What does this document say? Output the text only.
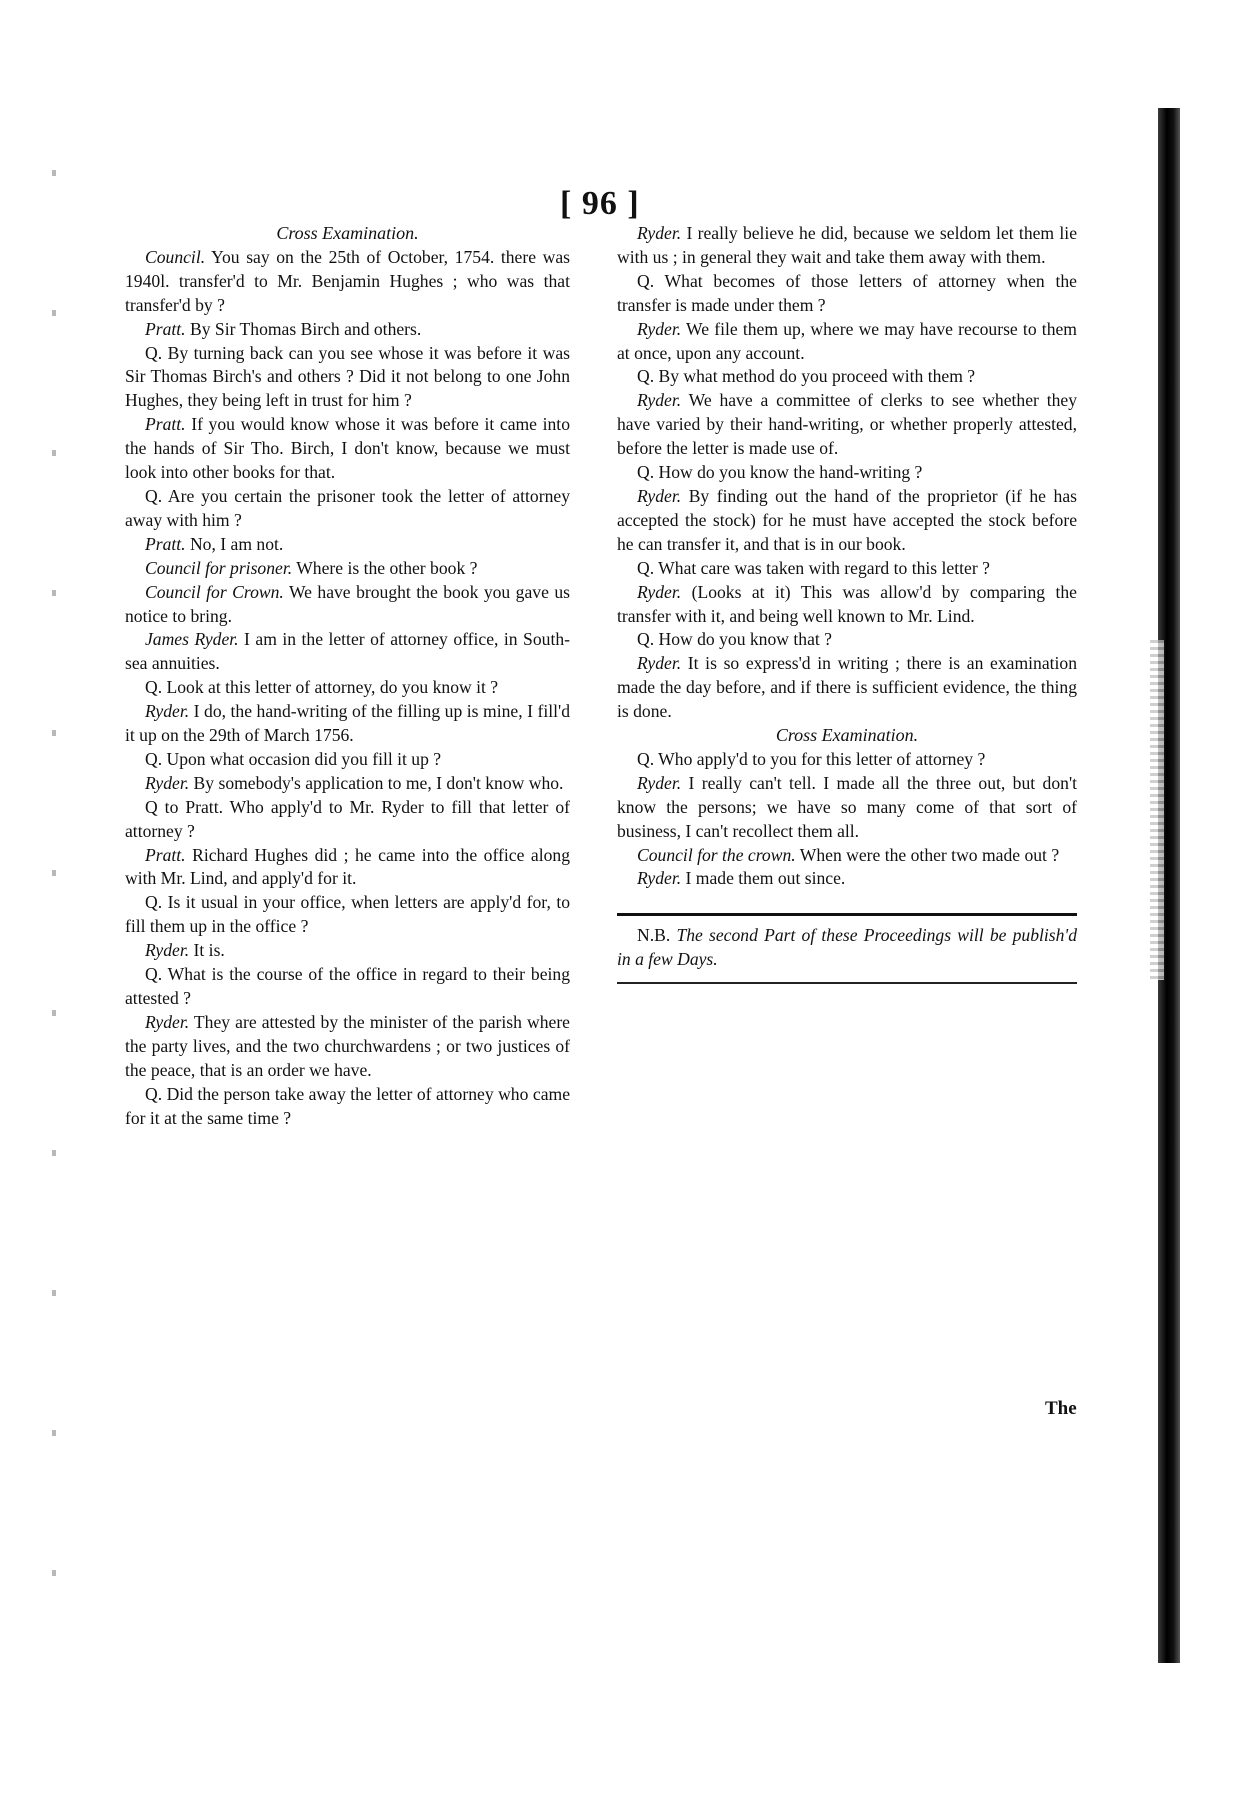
[ 96 ]

Cross Examination.

Council. You say on the 25th of October, 1754. there was 1940l. transfer'd to Mr. Benjamin Hughes ; who was that transfer'd by ?

Pratt. By Sir Thomas Birch and others.

Q. By turning back can you see whose it was before it was Sir Thomas Birch's and others ? Did it not belong to one John Hughes, they being left in trust for him ?

Pratt. If you would know whose it was before it came into the hands of Sir Tho. Birch, I don't know, because we must look into other books for that.

Q. Are you certain the prisoner took the letter of attorney away with him ?

Pratt. No, I am not.

Council for prisoner. Where is the other book ?

Council for Crown. We have brought the book you gave us notice to bring.

James Ryder. I am in the letter of attorney office, in South-sea annuities.

Q. Look at this letter of attorney, do you know it ?

Ryder. I do, the hand-writing of the filling up is mine, I fill'd it up on the 29th of March 1756.

Q. Upon what occasion did you fill it up ?

Ryder. By somebody's application to me, I don't know who.

Q to Pratt. Who apply'd to Mr. Ryder to fill that letter of attorney ?

Pratt. Richard Hughes did ; he came into the office along with Mr. Lind, and apply'd for it.

Q. Is it usual in your office, when letters are apply'd for, to fill them up in the office ?

Ryder. It is.

Q. What is the course of the office in regard to their being attested ?

Ryder. They are attested by the minister of the parish where the party lives, and the two churchwardens ; or two justices of the peace, that is an order we have.

Q. Did the person take away the letter of attorney who came for it at the same time ?

Ryder. I really believe he did, because we seldom let them lie with us ; in general they wait and take them away with them.

Q. What becomes of those letters of attorney when the transfer is made under them ?

Ryder. We file them up, where we may have recourse to them at once, upon any account.

Q. By what method do you proceed with them ?

Ryder. We have a committee of clerks to see whether they have varied by their hand-writing, or whether properly attested, before the letter is made use of.

Q. How do you know the hand-writing ?

Ryder. By finding out the hand of the proprietor (if he has accepted the stock) for he must have accepted the stock before he can transfer it, and that is in our book.

Q. What care was taken with regard to this letter ?

Ryder. (Looks at it) This was allow'd by comparing the transfer with it, and being well known to Mr. Lind.

Q. How do you know that ?

Ryder. It is so express'd in writing ; there is an examination made the day before, and if there is sufficient evidence, the thing is done.

Cross Examination.

Q. Who apply'd to you for this letter of attorney ?

Ryder. I really can't tell. I made all the three out, but don't know the persons; we have so many come of that sort of business, I can't recollect them all.

Council for the crown. When were the other two made out ?

Ryder. I made them out since.

N.B. The second Part of these Proceedings will be publish'd in a few Days.

The
